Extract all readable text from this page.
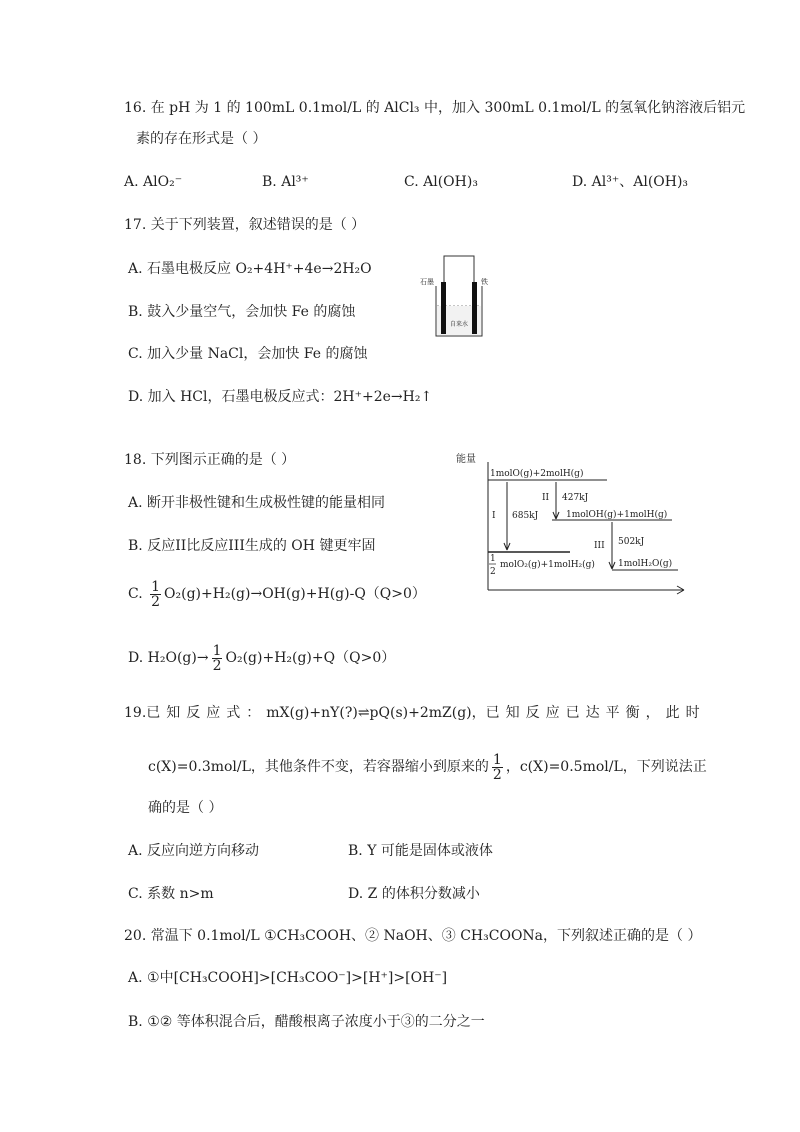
16. 在 pH 为 1 的 100mL 0.1mol/L 的 AlCl₃ 中，加入 300mL 0.1mol/L 的氢氧化钠溶液后铝元
素的存在形式是（ ）
A. AlO₂⁻	B. Al³⁺	C. Al(OH)₃	D. Al³⁺、Al(OH)₃
17. 关于下列装置，叙述错误的是（ ）
A. 石墨电极反应 O₂+4H⁺+4e→2H₂O
B. 鼓入少量空气，会加快 Fe 的腐蚀
C. 加入少量 NaCl，会加快 Fe 的腐蚀
D. 加入 HCl，石墨电极反应式：2H⁺+2e→H₂↑
石墨	铁
自来水
18. 下列图示正确的是（ ）
A. 断开非极性键和生成极性键的能量相同
B. 反应II比反应III生成的 OH 键更牢固
C. $\frac{1}{2} O_2(g)+H_2(g)\to OH(g)+H(g)-Q(Q>0)$
D. $H_2O(g)\to \frac{1}{2} O_2(g)+H_2(g)+Q(Q>0)$
能量
1molO(g)+2molH(g)
1molOH(g)+1molH(g)
1
2
molO₂(g)+1molH₂(g)	1molH₂O(g)
I 685kJ
II 427kJ
III 502kJ
19. 已知反应式： mX(g)+nY(?)⇌pQ(s)+2mZ(g)， 已知反应已达平衡，此时
c(X)=0.3mol/L，其他条件不变，若容器缩小到原来的 $\frac{1}{2}$ ，c(X)=0.5mol/L，下列说法正
确的是（ ）
A. 反应向逆方向移动	B. Y 可能是固体或液体
C. 系数 n>m	D. Z 的体积分数减小
20. 常温下 0.1mol/L ①CH₃COOH、② NaOH、③ CH₃COONa，下列叙述正确的是（ ）
A. ①中[CH₃COOH]>[CH₃COO⁻]>[H⁺]>[OH⁻]
B. ①② 等体积混合后，醋酸根离子浓度小于③的二分之一
